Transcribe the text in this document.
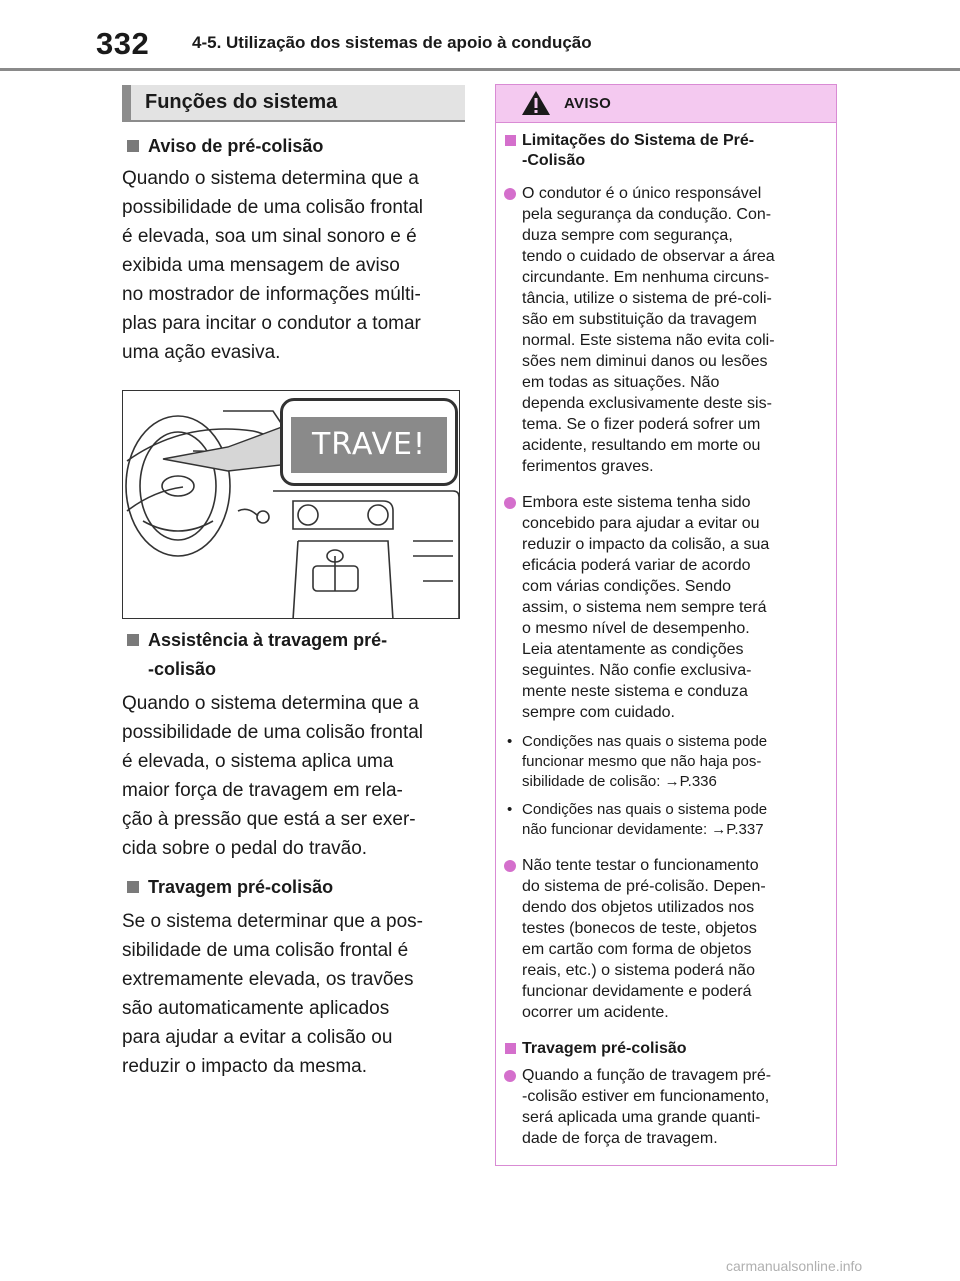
332	4-5. Utilização dos sistemas de apoio à condução
Funções do sistema
Aviso de pré-colisão

Quando o sistema determina que a

possibilidade de uma colisão frontal

é elevada, soa um sinal sonoro e é

exibida uma mensagem de aviso

no mostrador de informações múlti-

plas para incitar o condutor a tomar

uma ação evasiva.

Assistência à travagem pré-
-colisão

Quando o sistema determina que a

possibilidade de uma colisão frontal

é elevada, o sistema aplica uma

maior força de travagem em rela-

ção à pressão que está a ser exer-

cida sobre o pedal do travão.

Travagem pré-colisão

Se o sistema determinar que a pos-

sibilidade de uma colisão frontal é

extremamente elevada, os travões

são automaticamente aplicados

para ajudar a evitar a colisão ou

reduzir o impacto da mesma.

TRAVE!
AVISO
Limitações do Sistema de Pré-
-Colisão
O condutor é o único responsável
pela segurança da condução. Con-
duza sempre com segurança,
tendo o cuidado de observar a área
circundante. Em nenhuma circuns-
tância, utilize o sistema de pré-coli-
são em substituição da travagem
normal. Este sistema não evita coli-
sões nem diminui danos ou lesões
em todas as situações. Não
dependa exclusivamente deste sis-
tema. Se o fizer poderá sofrer um
acidente, resultando em morte ou
ferimentos graves.
Embora este sistema tenha sido
concebido para ajudar a evitar ou
reduzir o impacto da colisão, a sua
eficácia poderá variar de acordo
com várias condições. Sendo
assim, o sistema nem sempre terá
o mesmo nível de desempenho.
Leia atentamente as condições
seguintes. Não confie exclusiva-
mente neste sistema e conduza
sempre com cuidado.
• Condições nas quais o sistema pode
funcionar mesmo que não haja pos-
sibilidade de colisão: →P.336
• Condições nas quais o sistema pode
não funcionar devidamente: →P.337
Não tente testar o funcionamento
do sistema de pré-colisão. Depen-
dendo dos objetos utilizados nos
testes (bonecos de teste, objetos
em cartão com forma de objetos
reais, etc.) o sistema poderá não
funcionar devidamente e poderá
ocorrer um acidente.
Travagem pré-colisão
Quando a função de travagem pré-
-colisão estiver em funcionamento,
será aplicada uma grande quanti-
dade de força de travagem.
carmanualsonline.info
